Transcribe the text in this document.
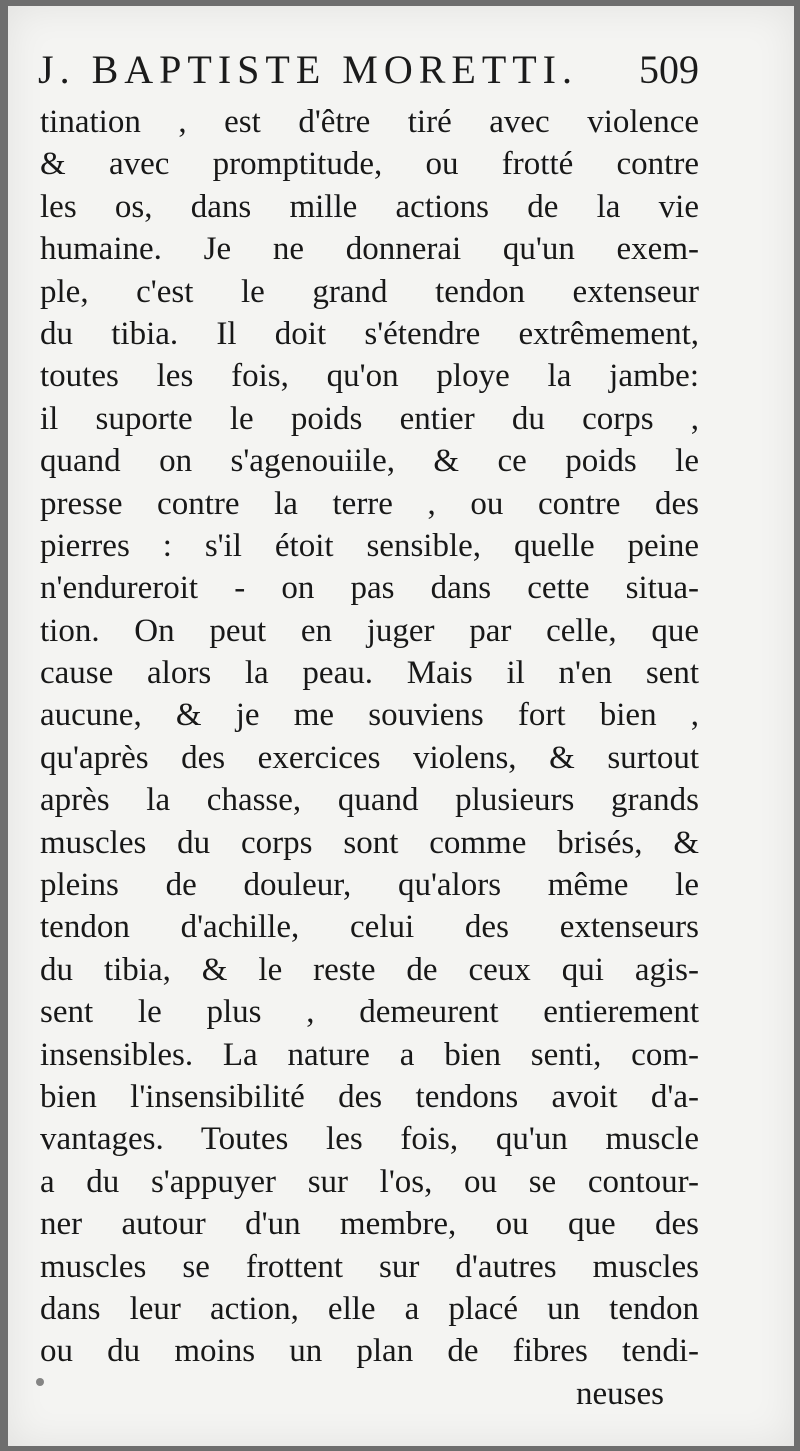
J. BAPTISTE MORETTI.	509
tination , est d'être tiré avec violence
& avec promptitude, ou frotté contre
les os, dans mille actions de la vie
humaine. Je ne donnerai qu'un exem-
ple, c'est le grand tendon extenseur
du tibia. Il doit s'étendre extrêmement,
toutes les fois, qu'on ploye la jambe:
il suporte le poids entier du corps ,
quand on s'agenouiile, & ce poids le
presse contre la terre , ou contre des
pierres : s'il étoit sensible, quelle peine
n'endureroit - on pas dans cette situa-
tion. On peut en juger par celle, que
cause alors la peau. Mais il n'en sent
aucune, & je me souviens fort bien ,
qu'après des exercices violens, & surtout
après la chasse, quand plusieurs grands
muscles du corps sont comme brisés, &
pleins de douleur, qu'alors même le
tendon d'achille, celui des extenseurs
du tibia, & le reste de ceux qui agis-
sent le plus , demeurent entierement
insensibles. La nature a bien senti, com-
bien l'insensibilité des tendons avoit d'a-
vantages. Toutes les fois, qu'un muscle
a du s'appuyer sur l'os, ou se contour-
ner autour d'un membre, ou que des
muscles se frottent sur d'autres muscles
dans leur action, elle a placé un tendon
ou du moins un plan de fibres tendi-
neuses
